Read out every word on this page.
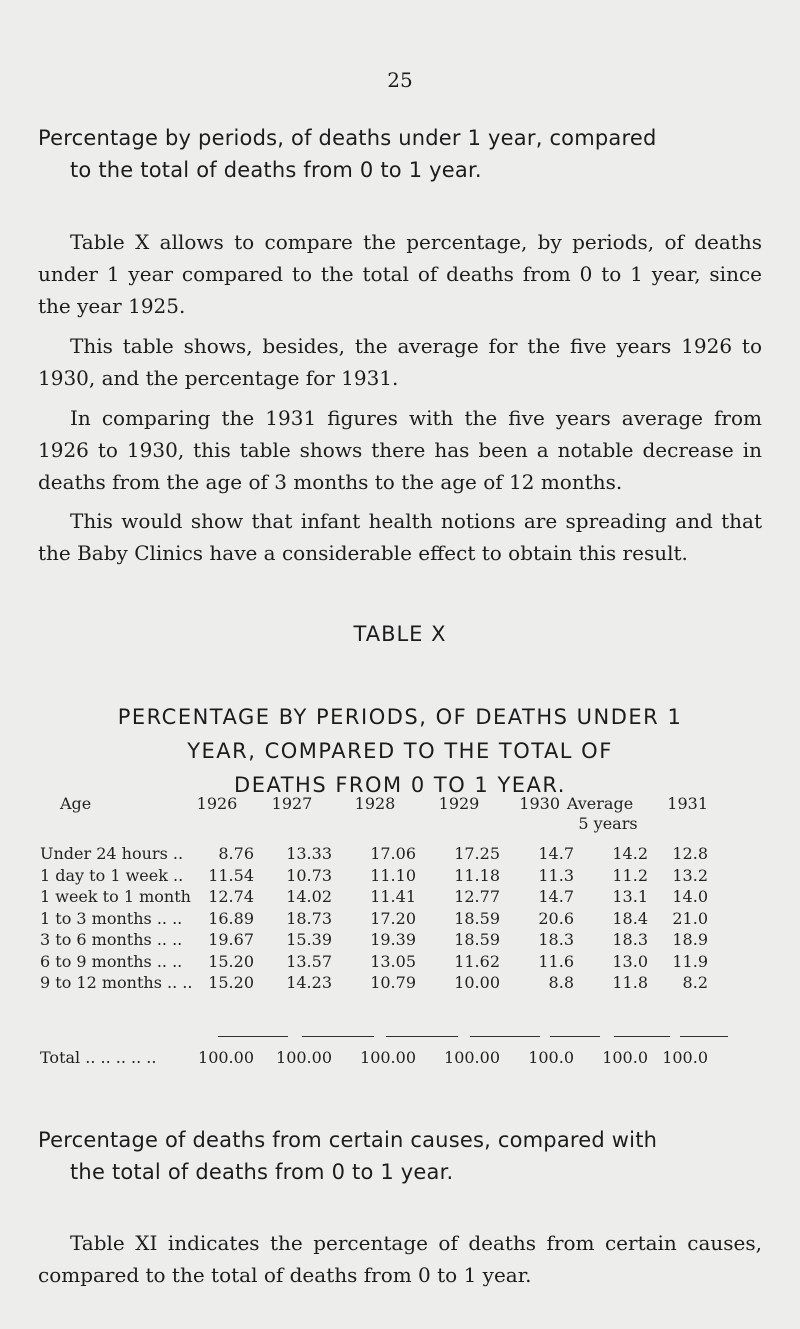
25
Percentage by periods, of deaths under 1 year, compared
to the total of deaths from 0 to 1 year.
Table X allows to compare the percentage, by periods, of deaths under 1 year compared to the total of deaths from 0 to 1 year, since the year 1925.
This table shows, besides, the average for the five years 1926 to 1930, and the percentage for 1931.
In comparing the 1931 figures with the five years average from 1926 to 1930, this table shows there has been a notable decrease in deaths from the age of 3 months to the age of 12 months.
This would show that infant health notions are spreading and that the Baby Clinics have a considerable effect to obtain this result.
TABLE X
PERCENTAGE BY PERIODS, OF DEATHS UNDER 1
YEAR, COMPARED TO THE TOTAL OF
DEATHS FROM 0 TO 1 YEAR.
Age	1926	1927	1928	1929	1930 Average	1931
5 years
Under 24 hours ..	8.76	13.33	17.06	17.25	14.7	14.2	12.8
1 day to 1 week ..	11.54	10.73	11.10	11.18	11.3	11.2	13.2
1 week to 1 month	12.74	14.02	11.41	12.77	14.7	13.1	14.0
1 to 3 months .. ..	16.89	18.73	17.20	18.59	20.6	18.4	21.0
3 to 6 months .. ..	19.67	15.39	19.39	18.59	18.3	18.3	18.9
6 to 9 months .. ..	15.20	13.57	13.05	11.62	11.6	13.0	11.9
9 to 12 months .. .. 15.20	14.23	10.79	10.00	8.8	11.8	8.2
Total .. .. .. .. ..	100.00	100.00	100.00	100.00	100.0	100.0 100.0
Percentage of deaths from certain causes, compared with
the total of deaths from 0 to 1 year.
Table XI indicates the percentage of deaths from certain causes, compared to the total of deaths from 0 to 1 year.
